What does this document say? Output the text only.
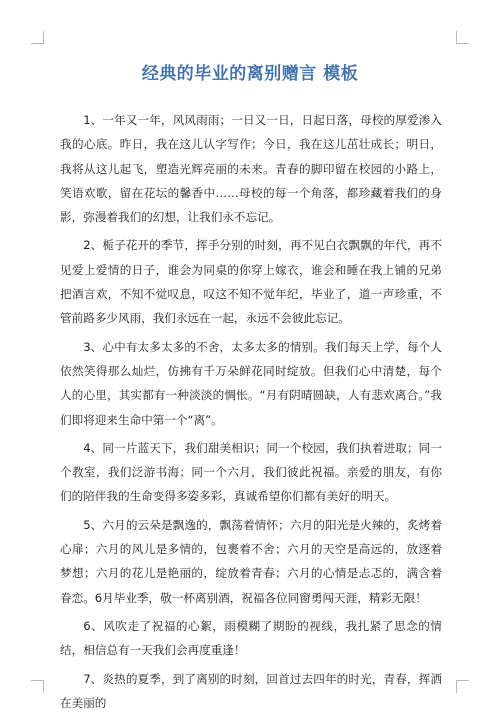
经典的毕业的离别赠言 模板

1、一年又一年，风风雨雨；一日又一日，日起日落，母校的厚爱渗入我的心底。昨日，我在这儿认字写作；今日，我在这儿茁壮成长；明日，我将从这儿起飞，塑造光辉亮丽的未来。青春的脚印留在校园的小路上，笑语欢歌，留在花坛的馨香中……母校的每一个角落，都珍藏着我们的身影，弥漫着我们的幻想，让我们永不忘记。

2、栀子花开的季节，挥手分别的时刻，再不见白衣飘飘的年代，再不见爱上爱情的日子，谁会为同桌的你穿上嫁衣，谁会和睡在我上铺的兄弟把酒言欢，不知不觉叹息，叹这不知不觉年纪，毕业了，道一声珍重，不管前路多少风雨，我们永远在一起，永远不会彼此忘记。

3、心中有太多太多的不舍，太多太多的情别。我们每天上学，每个人依然笑得那么灿烂，仿拂有千万朵鲜花同时绽放。但我们心中清楚，每个人的心里，其实都有一种淡淡的惆怅。“月有阴晴圆缺，人有悲欢离合。”我们即将迎来生命中第一个“离”。

4、同一片蓝天下，我们甜美相识；同一个校园，我们执着进取；同一个教室，我们泛游书海；同一个六月，我们彼此祝福。亲爱的朋友，有你们的陪伴我的生命变得多姿多彩，真诚希望你们都有美好的明天。

5、六月的云朵是飘逸的，飘荡着情怀；六月的阳光是火辣的，炙烤着心扉；六月的风儿是多情的，包裹着不舍；六月的天空是高远的，放逐着梦想；六月的花儿是艳丽的，绽放着青春；六月的心情是忐忑的，满含着眷恋。6月毕业季，敬一杯离别酒，祝福各位同窗勇闯天涯，精彩无限！

6、风吹走了祝福的心絮，雨模糊了期盼的视线，我扎紧了思念的情结，相信总有一天我们会再度重逢！

7、炎热的夏季，到了离别的时刻，回首过去四年的时光，青春，挥洒在美丽的
